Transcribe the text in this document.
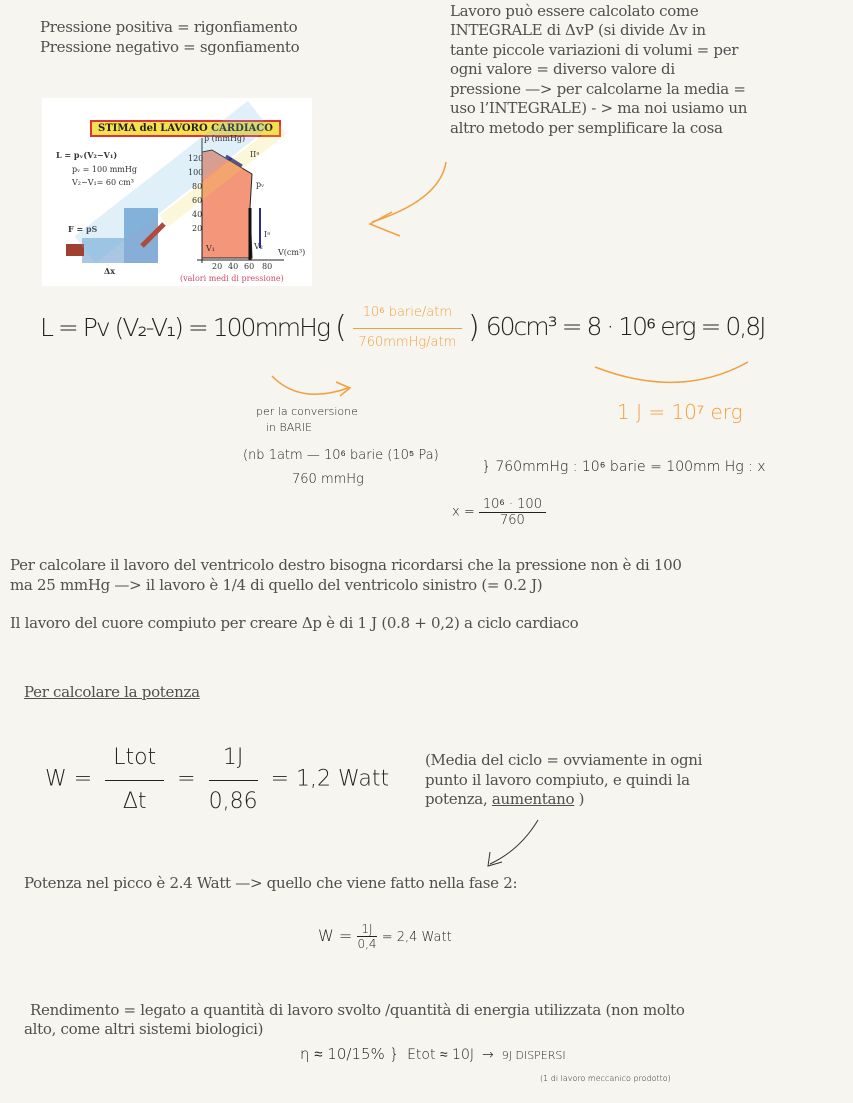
Pressione positiva = rigonfiamento
Pressione negativo = sgonfiamento
Lavoro può essere calcolato come
INTEGRALE di ΔvP (si divide Δv in
tante piccole variazioni di volumi = per
ogni valore = diverso valore di
pressione —> per calcolarne la media =
uso l’INTEGRALE) - > ma noi usiamo un
altro metodo per semplificare la cosa
STIMA del LAVORO CARDIACO
L = pᵥ(V₂−V₁)
pᵥ = 100 mmHg
V₂−V₁= 60 cm³
F = pS
Δx
120
100
80
60
40
20
p (mmHg)
V(cm³)
20 40 60 80
IIᵃ
pᵥ
Iᵃ
V₁	V₂
(valori medi di pressione)
L = Pv (V₂-V₁) = 100mmHg ( $\frac{\text{10⁶ barie/atm}}{\text{760mmHg/atm}}$ ) 60cm³ = 8 · 10⁶ erg = 0,8J
per la conversione
in BARIE
1 J = 10⁷ erg
(nb 1atm — 10⁶ barie (10⁵ Pa)
760 mmHg
} 760mmHg : 10⁶ barie = 100mm Hg : x
$x = \frac{\text{10⁶ · 100}}{760}$
Per calcolare il lavoro del ventricolo destro bisogna ricordarsi che la pressione non è di 100
ma 25 mmHg —> il lavoro è 1/4 di quello del ventricolo sinistro (= 0.2 J)
Il lavoro del cuore compiuto per creare Δp è di 1 J (0.8 + 0,2) a ciclo cardiaco
Per calcolare la potenza
$W = \frac{\text{Ltot}}{\Delta t} = \frac{1J}{0,86} = 1,2$ Watt
(Media del ciclo = ovviamente in ogni
punto il lavoro compiuto, e quindi la
potenza, aumentano )
Potenza nel picco è 2.4 Watt —> quello che viene fatto nella fase 2:
$W = \frac{1J}{0,4} = 2,4$ Watt
Rendimento = legato a quantità di lavoro svolto /quantità di energia utilizzata (non molto
alto, come altri sistemi biologici)
η ≈ 10/15% } Etot ≈ 10J → 9J DISPERSI
(1 di lavoro meccanico prodotto)
